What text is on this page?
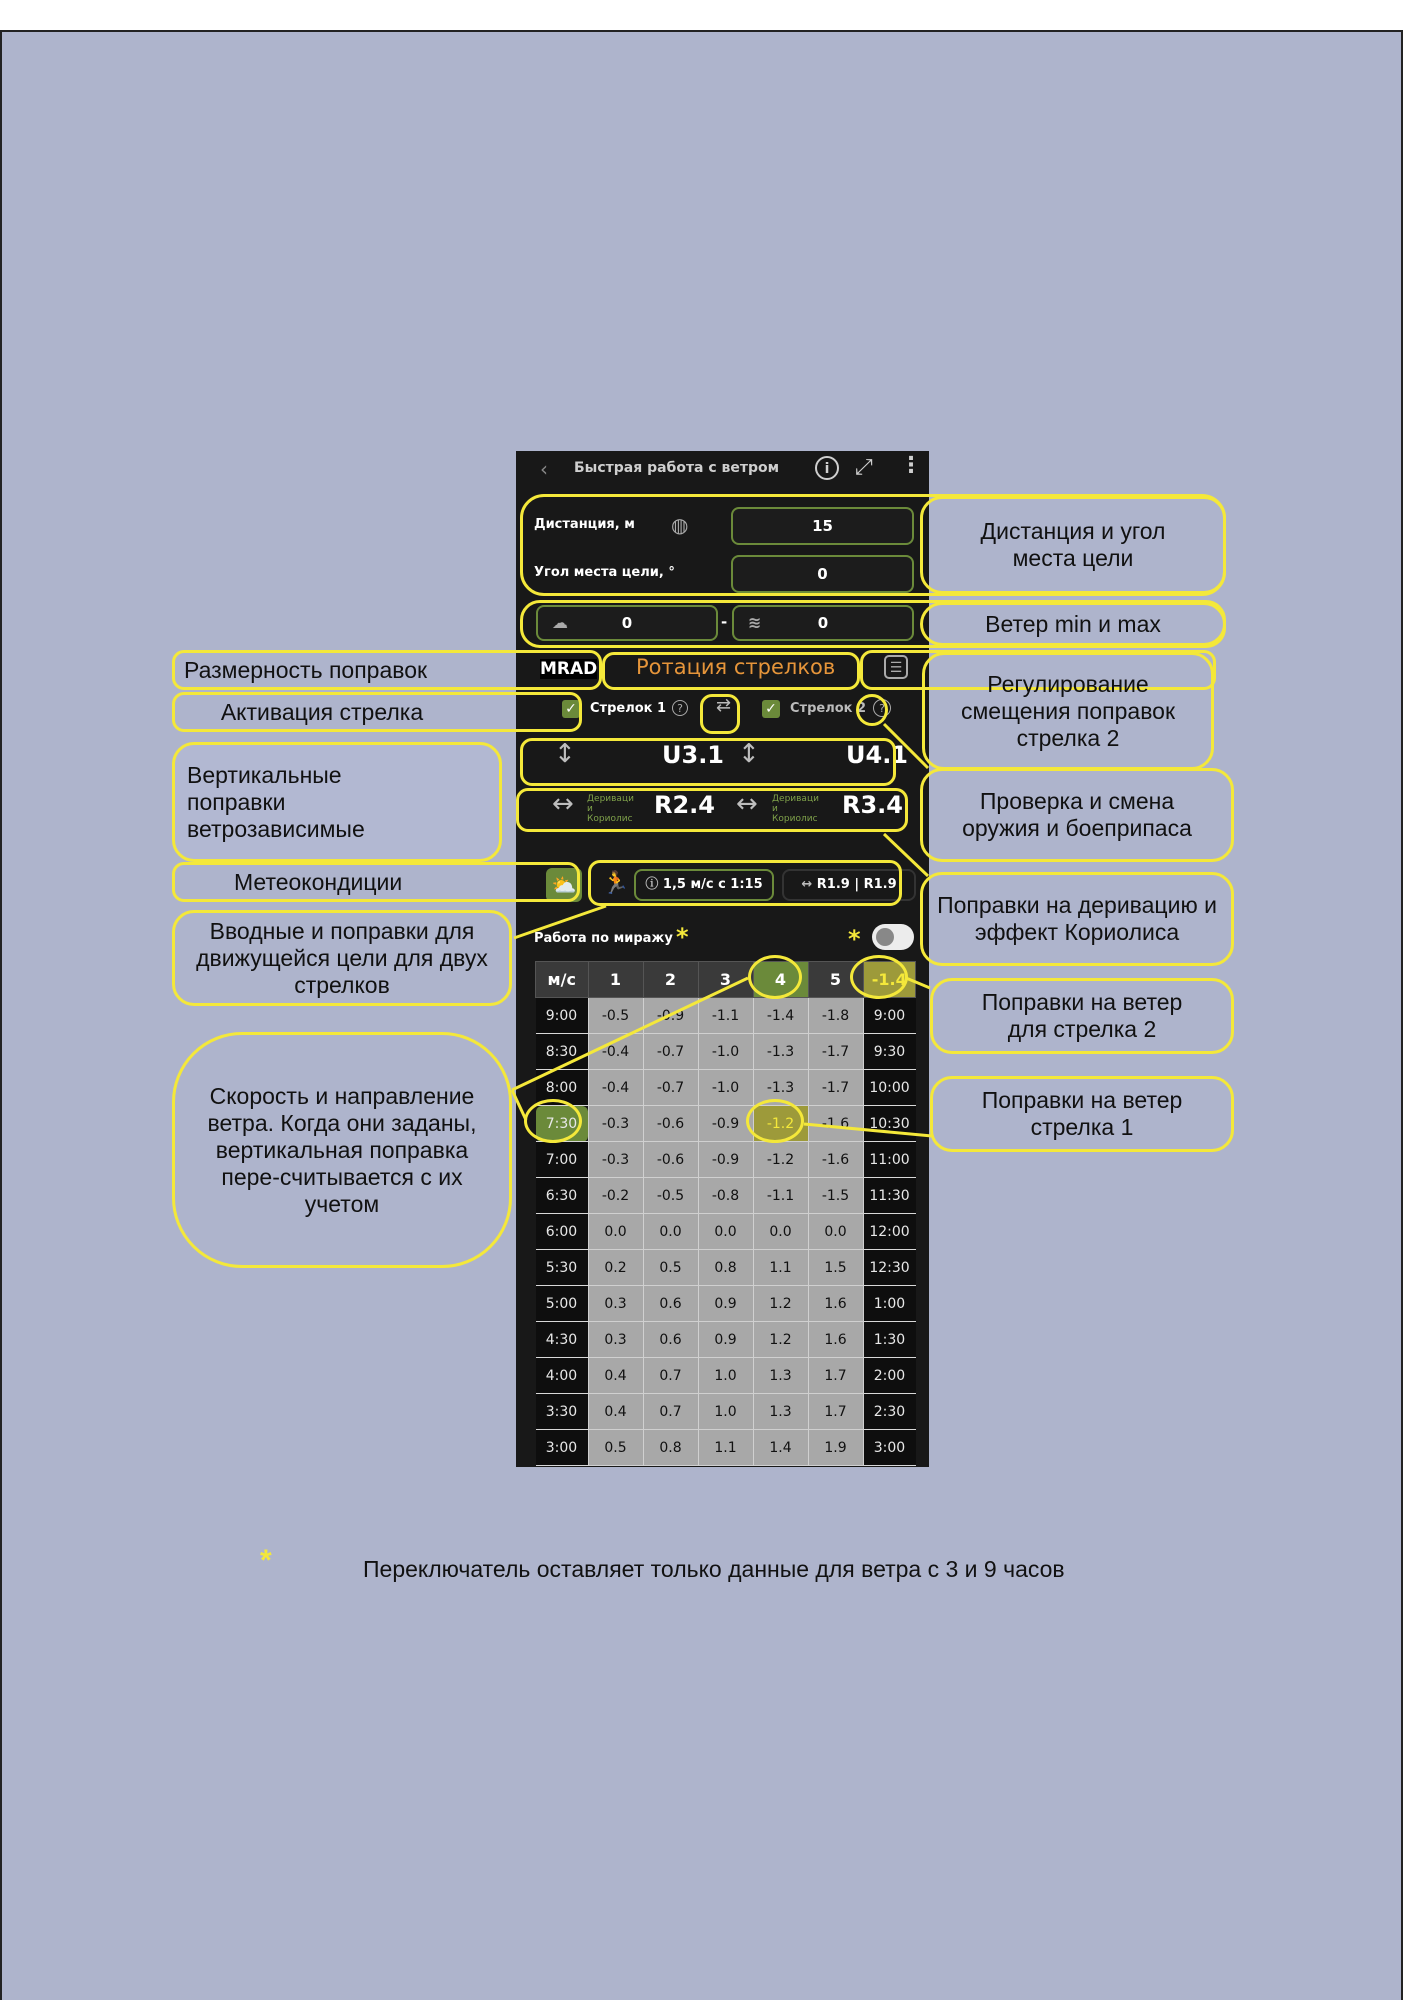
‹ Быстрая работа с ветром	i	⤢ ⋮
Дистанция, м ◍	15
Угол места цели, °	0
☁	0	- ≋	0
MRAD Ротация стрелков	☰
✓ Стрелок 1	? ⇄ ✓ Стрелок 2	?
↕	U3.1 ↕	U4.1
↔ Дериваци и Кориолис R2.4 ↔ Дериваци и Кориолис R3.4
⛅ 🏃	ⓘ 1,5 м/с с 1:15	↔ R1.9 | R1.9
Работа по миражу *	*
м/с	1	2	3	4	5	-1.4
9:00	-0.5	-0.9	-1.1	-1.4	-1.8	9:00
8:30	-0.4	-0.7	-1.0	-1.3	-1.7	9:30
8:00	-0.4	-0.7	-1.0	-1.3	-1.7	10:00
7:30	-0.3	-0.6	-0.9	-1.2	-1.6	10:30
7:00	-0.3	-0.6	-0.9	-1.2	-1.6	11:00
6:30	-0.2	-0.5	-0.8	-1.1	-1.5	11:30
6:00	0.0	0.0	0.0	0.0	0.0	12:00
5:30	0.2	0.5	0.8	1.1	1.5	12:30
5:00	0.3	0.6	0.9	1.2	1.6	1:00
4:30	0.3	0.6	0.9	1.2	1.6	1:30
4:00	0.4	0.7	1.0	1.3	1.7	2:00
3:30	0.4	0.7	1.0	1.3	1.7	2:30
3:00	0.5	0.8	1.1	1.4	1.9	3:00
Дистанция и угол места цели
Ветер min и max
Размерность поправок
Регулирование смещения поправок стрелка 2
Активация стрелка
Вертикальные поправки ветрозависимые
Проверка и смена оружия и боеприпаса
Метеокондиции
Поправки на деривацию и эффект Кориолиса
Вводные и поправки для движущейся цели для двух стрелков
Поправки на ветер для стрелка 2
Скорость и направление ветра. Когда они заданы, вертикальная поправка пере-считывается с их учетом
Поправки на ветер стрелка 1
*	Переключатель оставляет только данные для ветра с 3 и 9 часов
